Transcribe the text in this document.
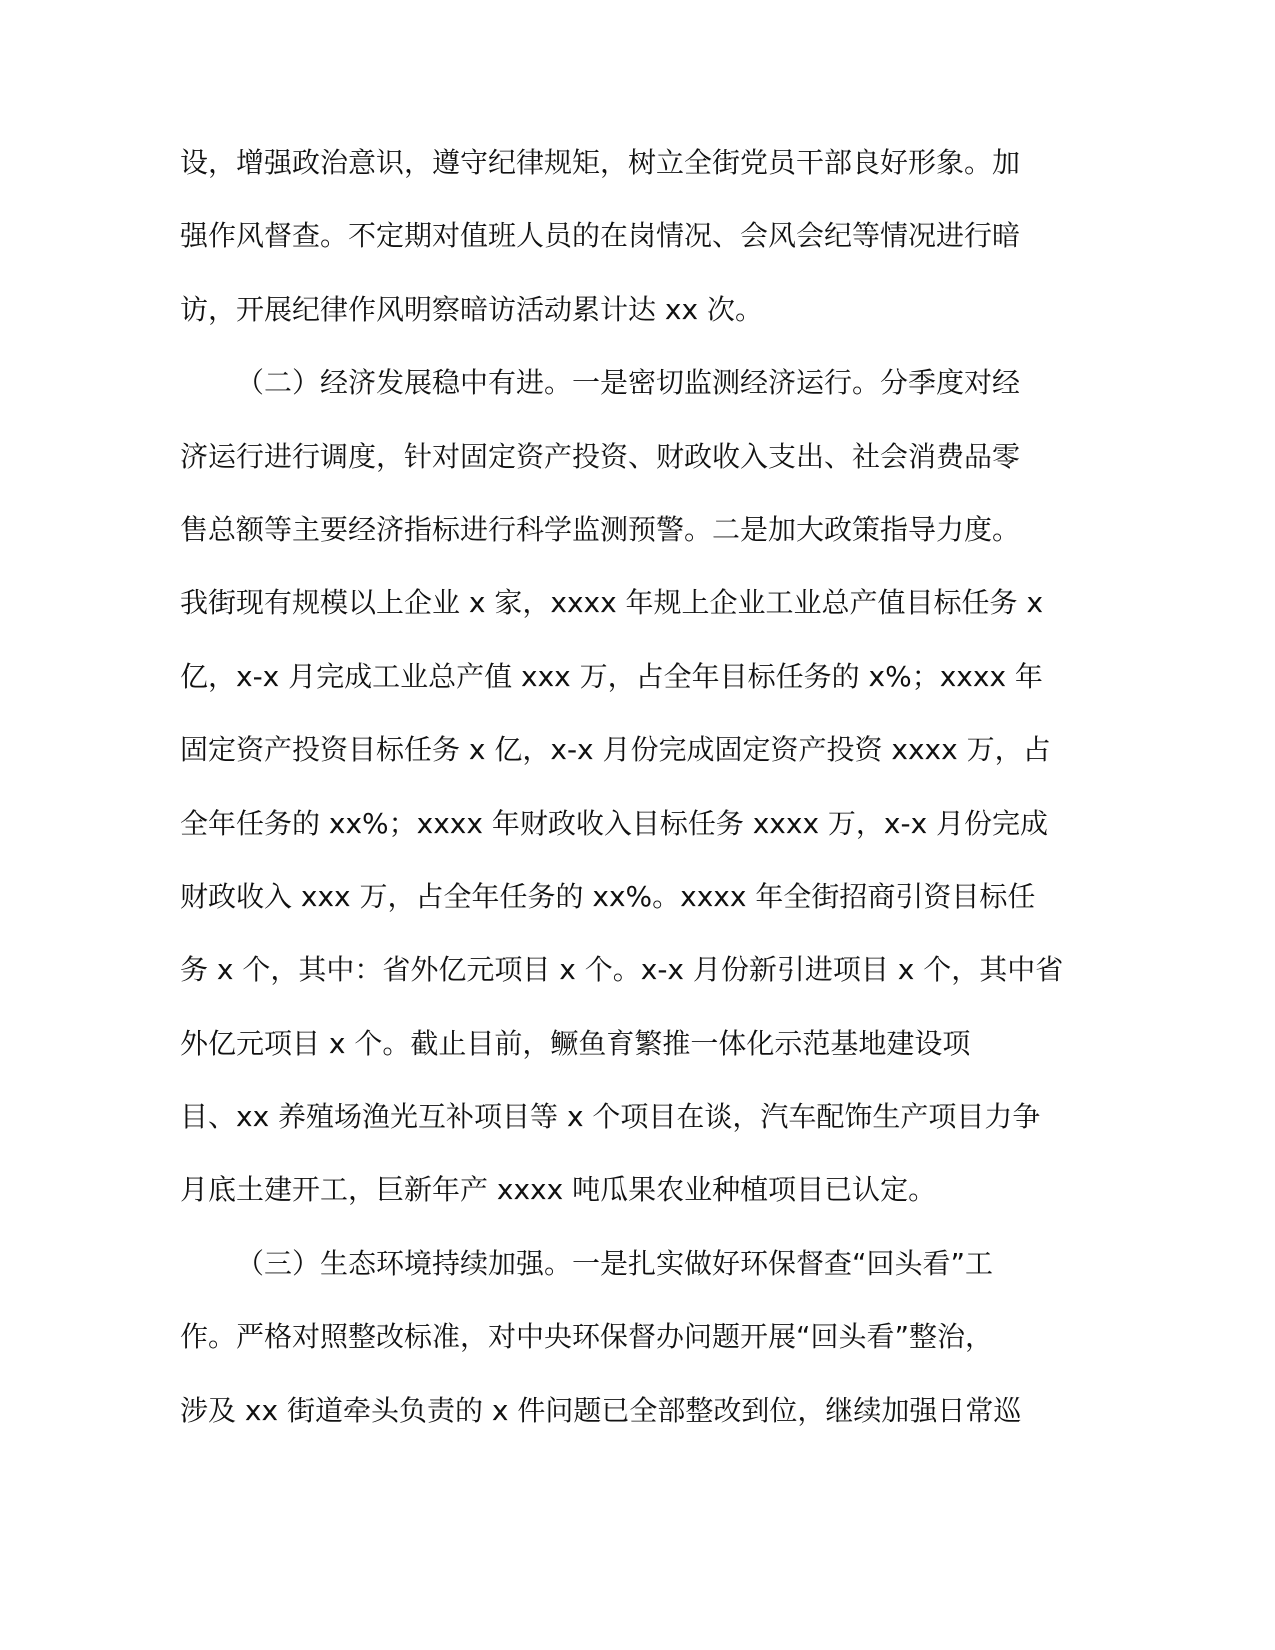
设，增强政治意识，遵守纪律规矩，树立全街党员干部良好形象。加
强作风督查。不定期对值班人员的在岗情况、会风会纪等情况进行暗
访，开展纪律作风明察暗访活动累计达 xx 次。
（二）经济发展稳中有进。一是密切监测经济运行。分季度对经
济运行进行调度，针对固定资产投资、财政收入支出、社会消费品零
售总额等主要经济指标进行科学监测预警。二是加大政策指导力度。
我街现有规模以上企业 x 家，xxxx 年规上企业工业总产值目标任务 x
亿，x-x 月完成工业总产值 xxx 万，占全年目标任务的 x%；xxxx 年
固定资产投资目标任务 x 亿，x-x 月份完成固定资产投资 xxxx 万，占
全年任务的 xx%；xxxx 年财政收入目标任务 xxxx 万，x-x 月份完成
财政收入 xxx 万，占全年任务的 xx%。xxxx 年全街招商引资目标任
务 x 个，其中：省外亿元项目 x 个。x-x 月份新引进项目 x 个，其中省
外亿元项目 x 个。截止目前，鳜鱼育繁推一体化示范基地建设项
目、xx 养殖场渔光互补项目等 x 个项目在谈，汽车配饰生产项目力争
月底土建开工，巨新年产 xxxx 吨瓜果农业种植项目已认定。
（三）生态环境持续加强。一是扎实做好环保督查“回头看”工
作。严格对照整改标准，对中央环保督办问题开展“回头看”整治，
涉及 xx 街道牵头负责的 x 件问题已全部整改到位，继续加强日常巡
